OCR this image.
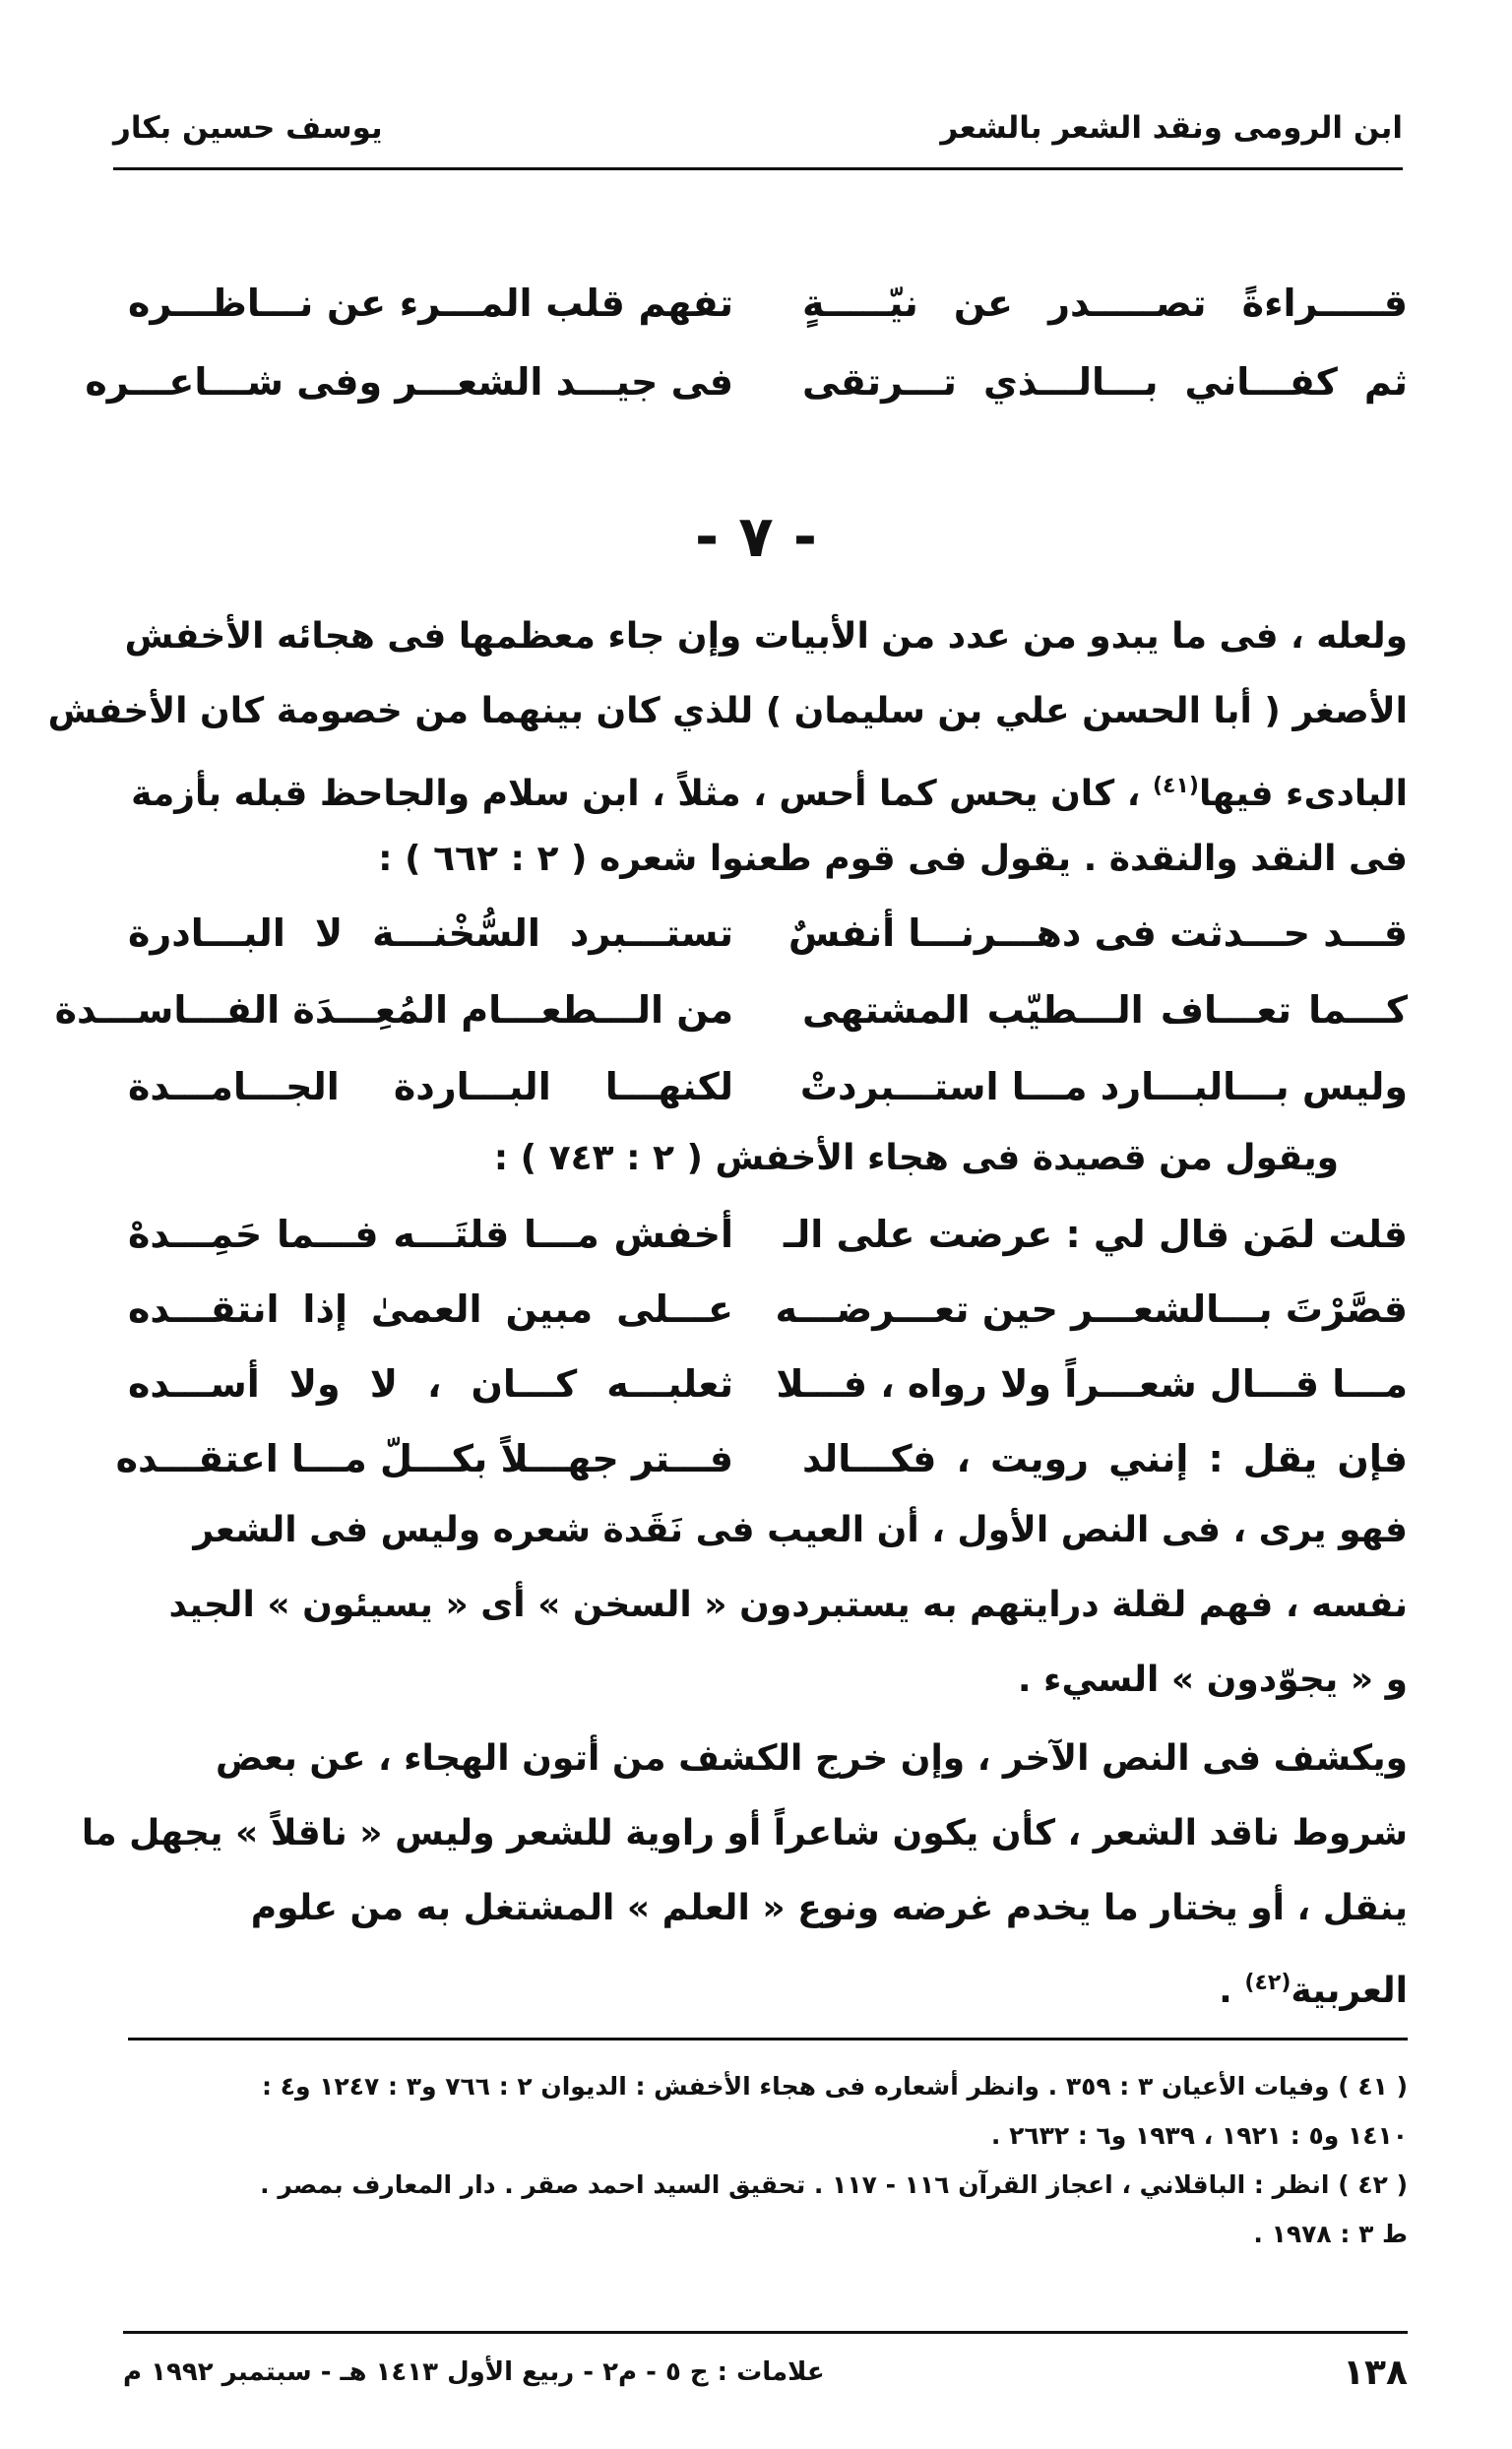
ابن الرومى ونقد الشعر بالشعر
يوسف حسين بكار
قـــــراءةً تصـــــدر عن نيّـــــةٍ
تفهم قلب المـــرء عن نـــاظـــره
ثم كفـــاني بـــالـــذي تـــرتقى
فى جيـــد الشعـــر وفى شـــاعـــره
- ٧ -
ولعله ، فى ما يبدو من عدد من الأبيات وإن جاء معظمها فى هجائه الأخفش
الأصغر ( أبا الحسن علي بن سليمان ) للذي كان بينهما من خصومة كان الأخفش
البادىء فيها$^{(٤١)}$ ، كان يحس كما أحس ، مثلاً ، ابن سلام والجاحظ قبله بأزمة
فى النقد والنقدة . يقول فى قوم طعنوا شعره ( ٢ : ٦٦٢ ) :
قـــد حـــدثت فى دهـــرنـــا أنفسٌ
تستـــبرد السُّخْنـــة لا البـــادرة
كـــما تعـــاف الـــطيّب المشتهى
من الـــطعـــام المُعِـــدَة الفـــاســـدة
وليس بـــالبـــارد مـــا استـــبردتْ
لكنهـــا البـــاردة الجـــامـــدة
ويقول من قصيدة فى هجاء الأخفش ( ٢ : ٧٤٣ ) :
قلت لمَن قال لي : عرضت على الـ
أخفش مـــا قلتَـــه فـــما حَمِـــدهْ
قصَّرْتَ بـــالشعـــر حين تعـــرضـــه
عـــلى مبين العمىٰ إذا انتقـــده
مـــا قـــال شعـــراً ولا رواه ، فـــلا
ثعلبـــه كـــان ، لا ولا أســـده
فإن يقل : إنني رويت ، فكـــالد
فـــتر جهـــلاً بكـــلّ مـــا اعتقـــده
فهو يرى ، فى النص الأول ، أن العيب فى نَقَدة شعره وليس فى الشعر
نفسه ، فهم لقلة درايتهم به يستبردون « السخن » أى « يسيئون » الجيد
و « يجوّدون » السيء .
ويكشف فى النص الآخر ، وإن خرج الكشف من أتون الهجاء ، عن بعض
شروط ناقد الشعر ، كأن يكون شاعراً أو راوية للشعر وليس « ناقلاً » يجهل ما
ينقل ، أو يختار ما يخدم غرضه ونوع « العلم » المشتغل به من علوم
العربية$^{(٤٢)}$ .
( ٤١ ) وفيات الأعيان ٣ : ٣٥٩ . وانظر أشعاره فى هجاء الأخفش : الديوان ٢ : ٧٦٦ و٣ : ١٢٤٧ و٤ :
١٤١٠ و٥ : ١٩٢١ ، ١٩٣٩ و٦ : ٢٦٣٢ .
( ٤٢ ) انظر : الباقلاني ، اعجاز القرآن ١١٦ - ١١٧ . تحقيق السيد احمد صقر . دار المعارف بمصر .
ط ٣ : ١٩٧٨ .
١٣٨
علامات : ج ٥ - م٢ - ربيع الأول ١٤١٣ هـ - سبتمبر ١٩٩٢ م
